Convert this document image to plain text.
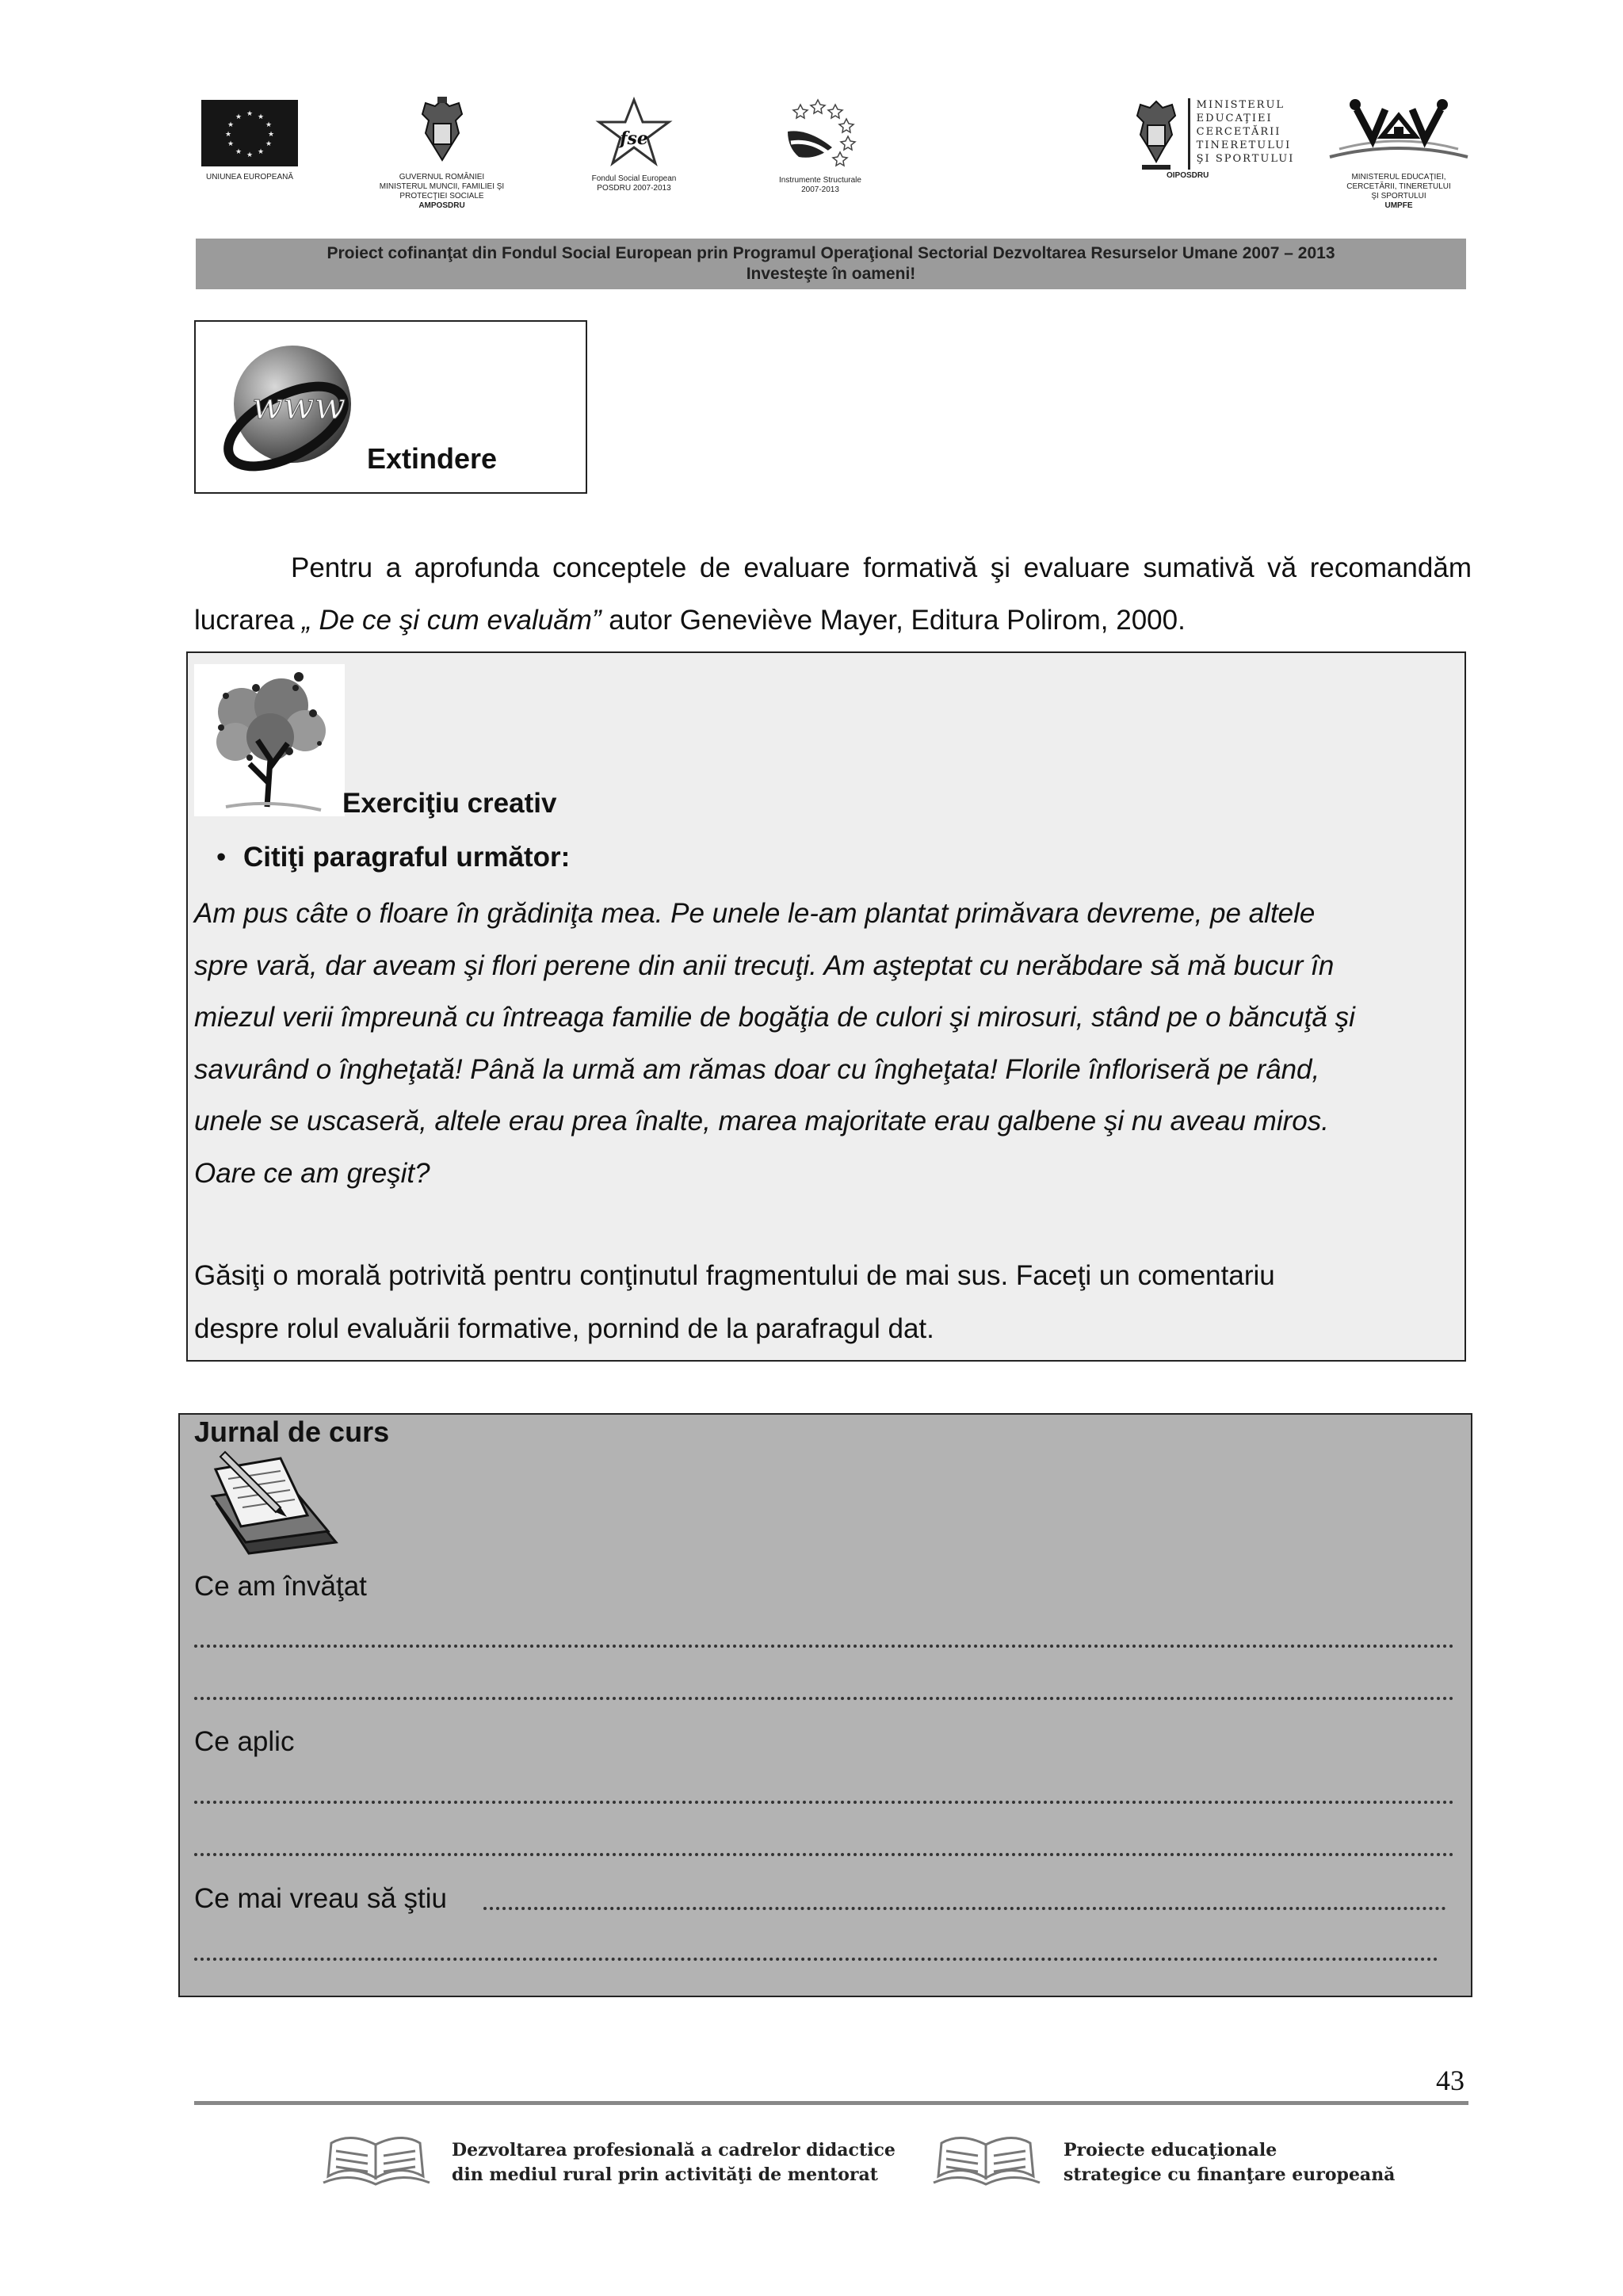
★ ★
★
★
★
★
★
★
★
★
★
★
UNIUNEA EUROPEANĂ	GUVERNUL ROMÂNIEI
MINISTERUL MUNCII, FAMILIEI ŞI
PROTECŢIEI SOCIALE
AMPOSDRU
fse
Fondul Social European
POSDRU 2007-2013
Instrumente Structurale
2007-2013
MINISTERUL
EDUCAŢIEI
CERCETĂRII
TINERETULUI
ŞI SPORTULUI
OIPOSDRU	MINISTERUL EDUCAŢIEI,
CERCETĂRII, TINERETULUI
ŞI SPORTULUI
UMPFE
Proiect cofinanţat din Fondul Social European prin Programul Operaţional Sectorial Dezvoltarea Resurselor Umane 2007 – 2013
Investeşte în oameni!
www
Extindere
Pentru a aprofunda conceptele de evaluare formativă şi evaluare sumativă vă recomandăm lucrarea „ De ce şi cum evaluăm” autor Geneviève Mayer, Editura Polirom, 2000.
Exerciţiu creativ
• Citiţi paragraful următor:
Am pus câte o floare în grădiniţa mea. Pe unele le-am plantat primăvara devreme, pe altele
spre vară, dar aveam şi flori perene din anii trecuţi. Am aşteptat cu nerăbdare să mă bucur în
miezul verii împreună cu întreaga familie de bogăţia de culori şi mirosuri, stând pe o băncuţă şi
savurând o îngheţată! Până la urmă am rămas doar cu îngheţata! Florile înfloriseră pe rând,
unele se uscaseră, altele erau prea înalte, marea majoritate erau galbene şi nu aveau miros.
Oare ce am greşit?
Găsiţi o morală potrivită pentru conţinutul fragmentului de mai sus. Faceţi un comentariu
despre rolul evaluării formative, pornind de la parafragul dat.
Jurnal de curs
Ce am învăţat
Ce aplic
Ce mai vreau să ştiu
43
Dezvoltarea profesională a cadrelor didactice
din mediul rural prin activităţi de mentorat
Proiecte educaţionale
strategice cu finanţare europeană
